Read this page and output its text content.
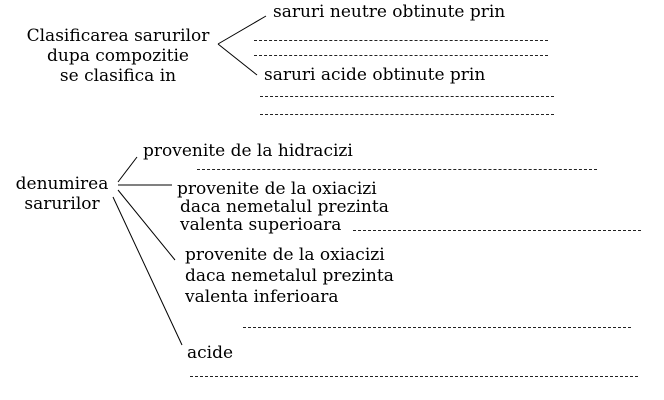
Clasificarea sarurilor
dupa compozitie
se clasifica in
saruri neutre obtinute prin
saruri acide obtinute prin
denumirea
sarurilor
provenite de la hidracizi
provenite de la oxiacizi
daca nemetalul prezinta
valenta superioara
provenite de la oxiacizi
daca nemetalul prezinta
valenta inferioara
acide
